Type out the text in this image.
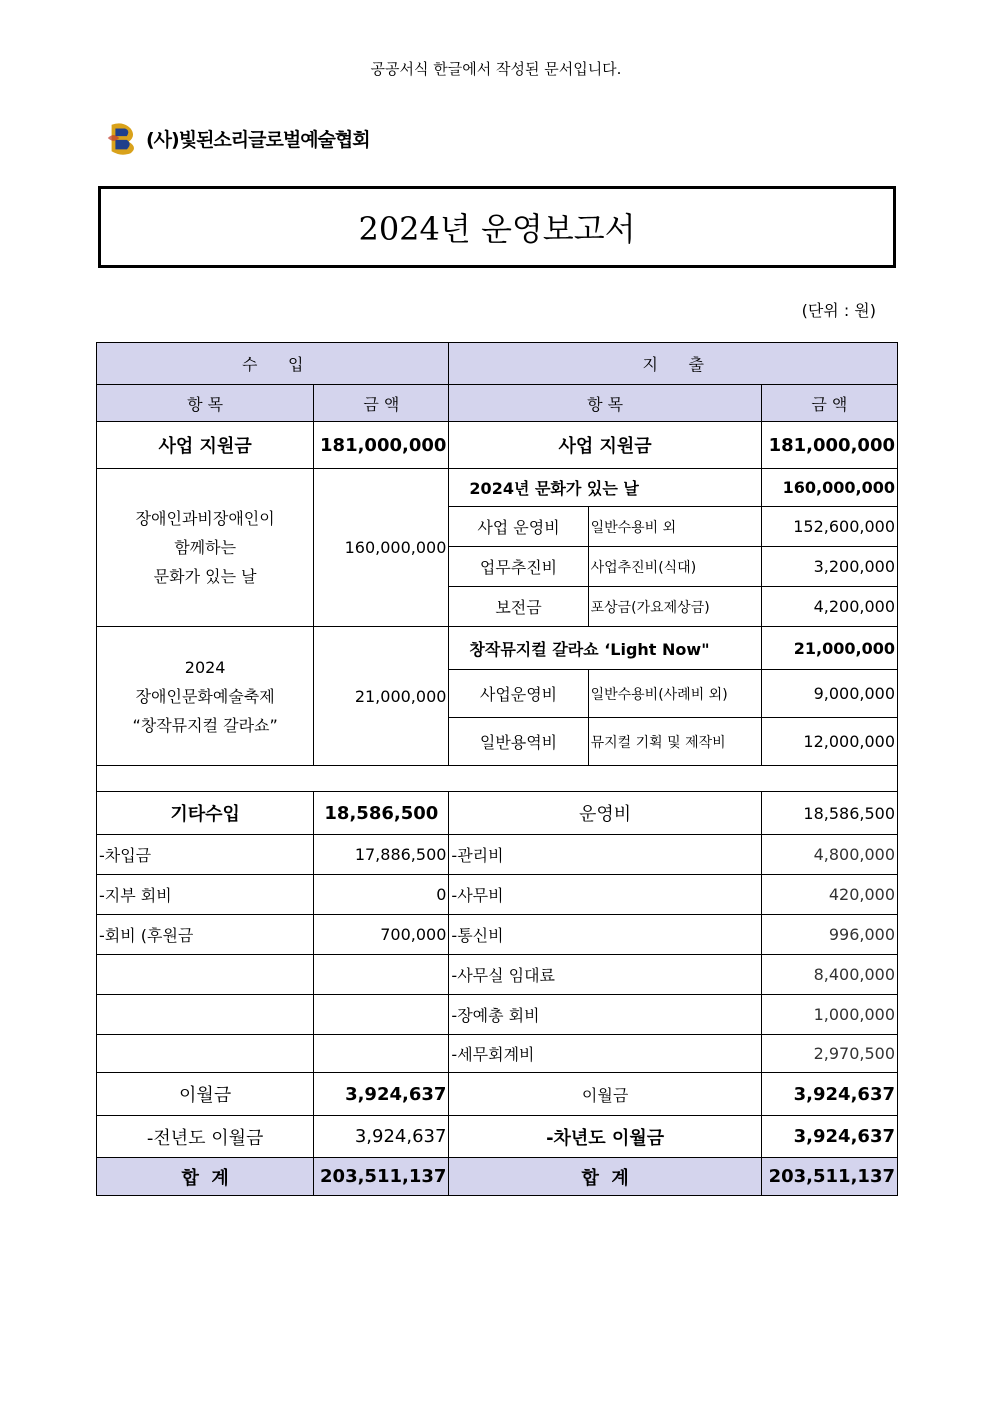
공공서식 한글에서 작성된 문서입니다.
(사)빛된소리글로벌예술협회
2024년 운영보고서
(단위 : 원)
수      입		지      출		
항 목	금 액	항 목		금 액
사업 지원금	181,000,000	사업 지원금		181,000,000

장애인과비장애인이
함께하는
문화가 있는 날	160,000,000	2024년 문화가 있는 날		160,000,000
		사업 운영비	일반수용비 외	152,600,000
		업무추진비	사업추진비(식대)	3,200,000
		보전금	포상금(가요제상금)	4,200,000

2024
장애인문화예술축제
“창작뮤지컬 갈라쇼”	21,000,000	창작뮤지컬 갈라쇼 ‘Light Now"		21,000,000
		사업운영비	일반수용비(사례비 외)	9,000,000
		일반용역비	뮤지컬 기획 및 제작비	12,000,000

기타수입	18,586,500	운영비		18,586,500
-차입금	17,886,500	-관리비		4,800,000
-지부 회비	0	-사무비		420,000
-회비 (후원금	700,000	-통신비		996,000
		-사무실 임대료		8,400,000
		-장예총 회비		1,000,000
		-세무회계비		2,970,500
이월금	3,924,637	이월금		3,924,637
-전년도 이월금	3,924,637	-차년도 이월금		3,924,637
합  계	203,511,137	합  계		203,511,137
